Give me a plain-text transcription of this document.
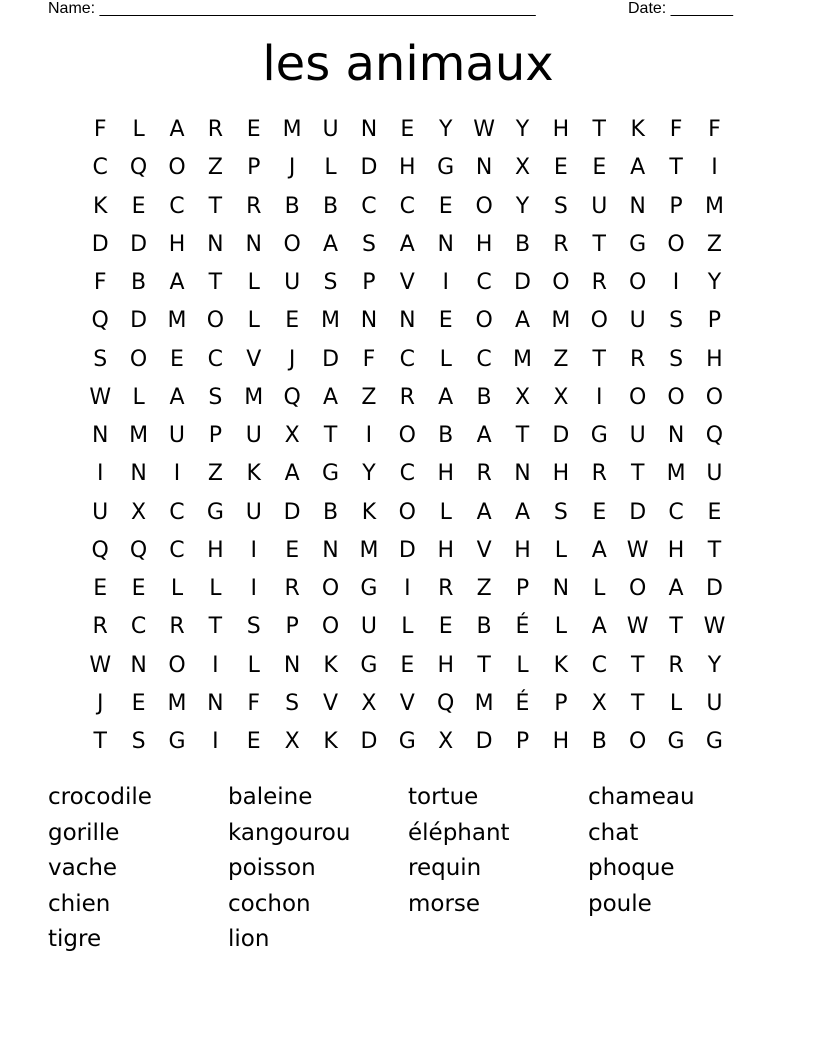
Name: _________________________________________________	Date: _______
les animaux
F	L	A	R	E M U	N	E	Y W Y	H	T	K	F	F
C	Q O	Z	P	J	L	D H G N	X	E	E	A	T	I
K	E	C	T	R	B	B	C	C	E	O	Y	S	U	N	P	M
D D H N N O	A	S	A	N H	B	R	T	G O	Z
F	B	A	T	L	U	S	P	V	I	C	D O	R	O	I	Y
Q D M O	L	E M N N	E	O	A M O U	S	P
S	O	E	C	V	J	D	F	C	L	C M Z	T	R	S	H
W L	A	S M Q	A	Z	R	A	B	X	X	I	O O O
N M U	P	U	X	T	I	O	B	A	T	D G U	N Q
I	N	I	Z	K	A	G	Y	C	H	R	N H	R	T	M U
U	X	C	G U D	B	K	O	L	A	A	S	E	D	C	E
Q Q	C	H	I	E	N M D H	V	H	L	A W H	T
E	E	L	L	I	R	O G	I	R	Z	P	N	L	O	A	D
R	C	R	T	S	P	O U	L	E	B	É	L	A W T W
W N O	I	L	N	K	G	E	H	T	L	K	C	T	R	Y
J	E M N	F	S	V	X	V	Q M É	P	X	T	L	U
T	S	G	I	E	X	K	D G	X	D	P	H	B	O G G
crocodile	baleine	tortue	chameau
gorille	kangourou	éléphant	chat
vache	poisson	requin	phoque
chien	cochon	morse	poule
tigre	lion
